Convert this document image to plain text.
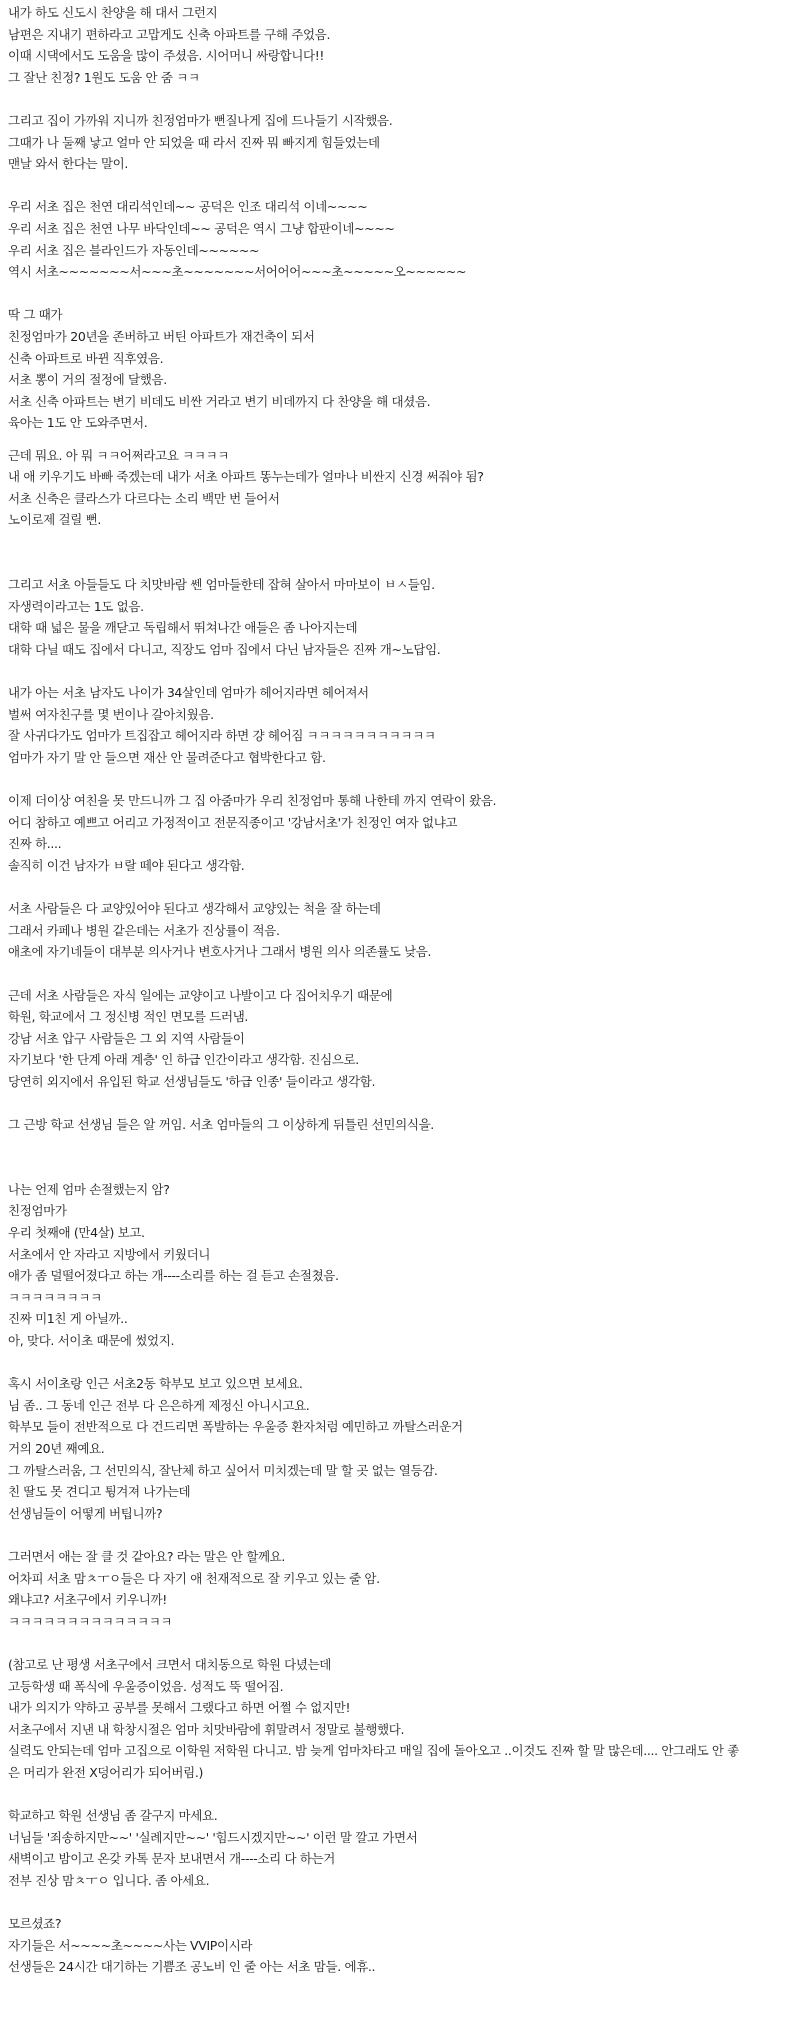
내가 하도 신도시 찬양을 해 대서 그런지
남편은 지내기 편하라고 고맙게도 신축 아파트를 구해 주었음.
이때 시댁에서도 도움을 많이 주셨음. 시어머니 싸랑합니다!!
그 잘난 친정? 1원도 도움 안 줌 ㅋㅋ
그리고 집이 가까워 지니까 친정엄마가 뻔질나게 집에 드나들기 시작했음.
그때가 나 둘째 낳고 얼마 안 되었을 때 라서 진짜 뭐 빠지게 힘들었는데
맨날 와서 한다는 말이.
우리 서초 집은 천연 대리석인데~~ 공덕은 인조 대리석 이네~~~~
우리 서초 집은 천연 나무 바닥인데~~ 공덕은 역시 그냥 합판이네~~~~
우리 서초 집은 블라인드가 자동인데~~~~~~
역시 서초~~~~~~~서~~~초~~~~~~~서어어어~~~초~~~~~오~~~~~~
딱 그 때가
친정엄마가 20년을 존버하고 버틴 아파트가 재건축이 되서
신축 아파트로 바뀐 직후였음.
서초 뽕이 거의 절정에 달했음.
서초 신축 아파트는 변기 비데도 비싼 거라고 변기 비데까지 다 찬양을 해 대셨음.
육아는 1도 안 도와주면서.
근데 뭐요. 아 뭐 ㅋㅋ어쩌라고요 ㅋㅋㅋㅋ
내 애 키우기도 바빠 죽겠는데 내가 서초 아파트 똥누는데가 얼마나 비싼지 신경 써줘야 됨?
서초 신축은 클라스가 다르다는 소리 백만 번 들어서
노이로제 걸릴 뻔.
그리고 서초 아들들도 다 치맛바람 쎈 엄마들한테 잡혀 살아서 마마보이 ㅂㅅ들임.
자생력이라고는 1도 없음.
대학 때 넓은 물을 깨닫고 독립해서 뛰쳐나간 애들은 좀 나아지는데
대학 다닐 때도 집에서 다니고, 직장도 엄마 집에서 다닌 남자들은 진짜 개~노답임.
내가 아는 서초 남자도 나이가 34살인데 엄마가 헤어지라면 헤어져서
벌써 여자친구를 몇 번이나 갈아치웠음.
잘 사귀다가도 엄마가 트집잡고 헤어지라 하면 걍 헤어짐 ㅋㅋㅋㅋㅋㅋㅋㅋㅋㅋㅋ
엄마가 자기 말 안 들으면 재산 안 물려준다고 협박한다고 함.
이제 더이상 여친을 못 만드니까 그 집 아줌마가 우리 친정엄마 통해 나한테 까지 연락이 왔음.
어디 참하고 예쁘고 어리고 가정적이고 전문직종이고 '강남서초'가 친정인 여자 없냐고
진짜 하....
솔직히 이건 남자가 ㅂ랄 떼야 된다고 생각함.
서초 사람들은 다 교양있어야 된다고 생각해서 교양있는 척을 잘 하는데
그래서 카페나 병원 같은데는 서초가 진상률이 적음.
애초에 자기네들이 대부분 의사거나 변호사거나 그래서 병원 의사 의존률도 낮음.
근데 서초 사람들은 자식 일에는 교양이고 나발이고 다 집어치우기 때문에
학원, 학교에서 그 정신병 적인 면모를 드러냄.
강남 서초 압구 사람들은 그 외 지역 사람들이
자기보다 '한 단계 아래 계층' 인 하급 인간이라고 생각함. 진심으로.
당연히 외지에서 유입된 학교 선생님들도 '하급 인종' 들이라고 생각함.
그 근방 학교 선생님 들은 알 꺼임. 서초 엄마들의 그 이상하게 뒤틀린 선민의식을.
나는 언제 엄마 손절했는지 암?
친정엄마가
우리 첫째애 (만4살) 보고.
서초에서 안 자라고 지방에서 키웠더니
애가 좀 덜떨어졌다고 하는 개----소리를 하는 걸 듣고 손절쳤음.
ㅋㅋㅋㅋㅋㅋㅋㅋ
진짜 미1친 게 아닐까..
아, 맞다. 서이초 때문에 썼었지.
혹시 서이초랑 인근 서초2동 학부모 보고 있으면 보세요.
님 좀.. 그 동네 인근 전부 다 은은하게 제정신 아니시고요.
학부모 들이 전반적으로 다 건드리면 폭발하는 우울증 환자처럼 예민하고 까탈스러운거
거의 20년 째예요.
그 까탈스러움, 그 선민의식, 잘난체 하고 싶어서 미치겠는데 말 할 곳 없는 열등감.
친 딸도 못 견디고 튕겨져 나가는데
선생님들이 어떻게 버팁니까?
그러면서 애는 잘 클 것 같아요? 라는 말은 안 할께요.
어차피 서초 맘ㅊㅜㅇ들은 다 자기 애 천재적으로 잘 키우고 있는 줄 암.
왜냐고? 서초구에서 키우니까!
ㅋㅋㅋㅋㅋㅋㅋㅋㅋㅋㅋㅋㅋㅋ
(참고로 난 평생 서초구에서 크면서 대치동으로 학원 다녔는데
고등학생 때 폭식에 우울증이었음. 성적도 뚝 떨어짐.
내가 의지가 약하고 공부를 못해서 그랬다고 하면 어쩔 수 없지만!
서초구에서 지낸 내 학창시절은 엄마 치맛바람에 휘말려서 정말로 불행했다.
실력도 안되는데 엄마 고집으로 이학원 저학원 다니고. 밤 늦게 엄마차타고 매일 집에 돌아오고 ..이것도 진짜 할 말 많은데.... 안그래도 안 좋
은 머리가 완전 X덩어리가 되어버림.)
학교하고 학원 선생님 좀 갈구지 마세요.
너님들 '죄송하지만~~' '실례지만~~' '힘드시겠지만~~' 이런 말 깔고 가면서
새벽이고 밤이고 온갖 카톡 문자 보내면서 개----소리 다 하는거
전부 진상 맘ㅊㅜㅇ 입니다. 좀 아세요.
모르셨죠?
자기들은 서~~~~초~~~~사는 VVIP이시라
선생들은 24시간 대기하는 기쁨조 공노비 인 줄 아는 서초 맘들. 에휴..
